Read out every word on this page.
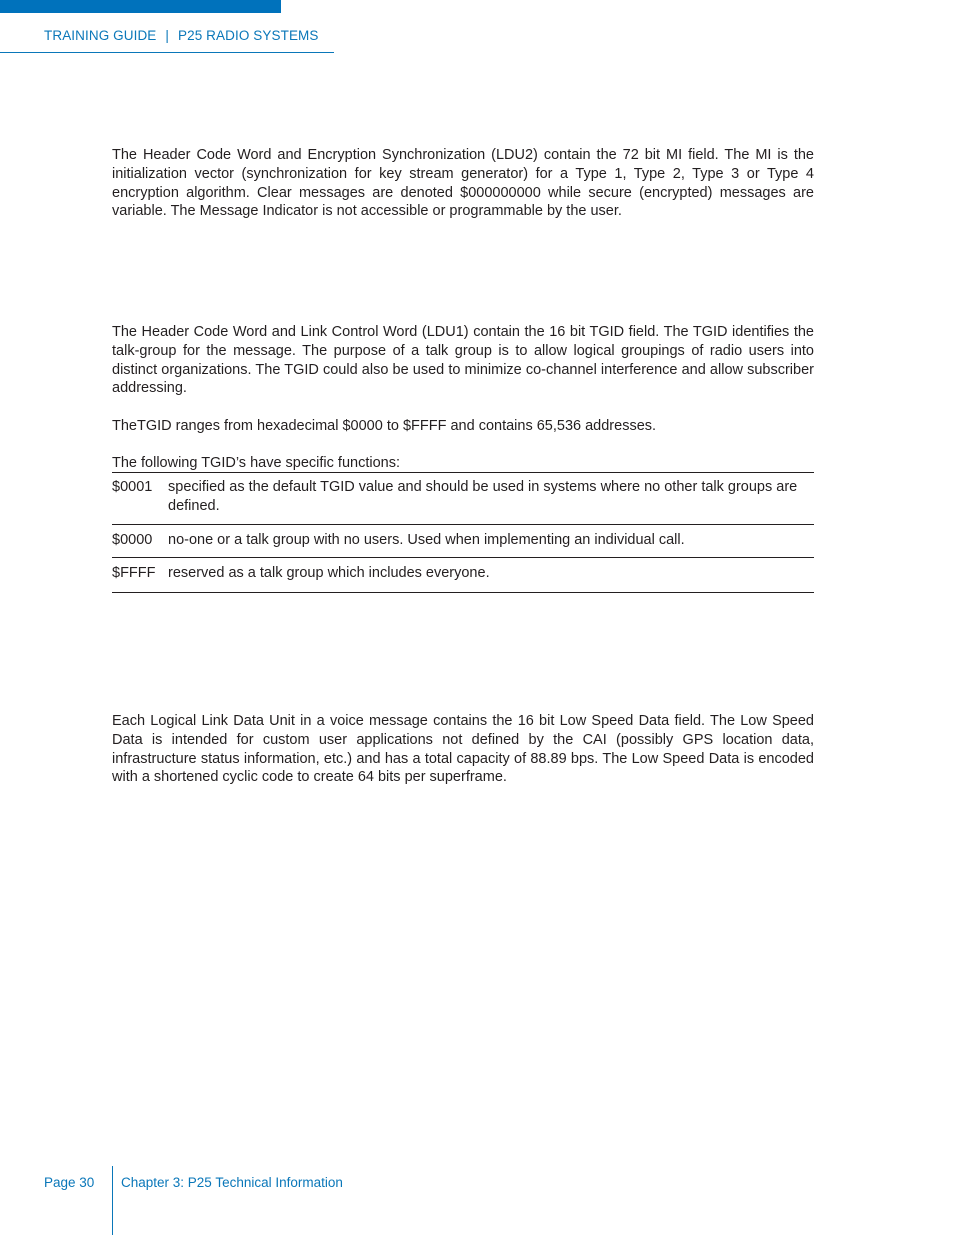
TRAINING GUIDE | P25 RADIO SYSTEMS

The Header Code Word and Encryption Synchronization (LDU2) contain the 72 bit MI field. The MI is the initialization vector (synchronization for key stream generator) for a Type 1, Type 2, Type 3 or Type 4 encryption algorithm. Clear messages are denoted $000000000 while secure (encrypted) messages are variable. The Message Indicator is not accessible or programmable by the user.

The Header Code Word and Link Control Word (LDU1) contain the 16 bit TGID field. The TGID identifies the talk-group for the message. The purpose of a talk group is to allow logical groupings of radio users into distinct organizations. The TGID could also be used to minimize co-channel interference and allow subscriber addressing.

TheTGID ranges from hexadecimal $0000 to $FFFF and contains 65,536 addresses.

The following TGID’s have specific functions:
$0001	specified as the default TGID value and should be used in systems where no other talk groups are defined.
$0000	no-one or a talk group with no users. Used when implementing an individual call.
$FFFF reserved as a talk group which includes everyone.

Each Logical Link Data Unit in a voice message contains the 16 bit Low Speed Data field. The Low Speed Data is intended for custom user applications not defined by the CAI (possibly GPS location data, infrastructure status information, etc.) and has a total capacity of 88.89 bps. The Low Speed Data is encoded with a shortened cyclic code to create 64 bits per superframe.

Page 30 Chapter 3: P25 Technical Information
